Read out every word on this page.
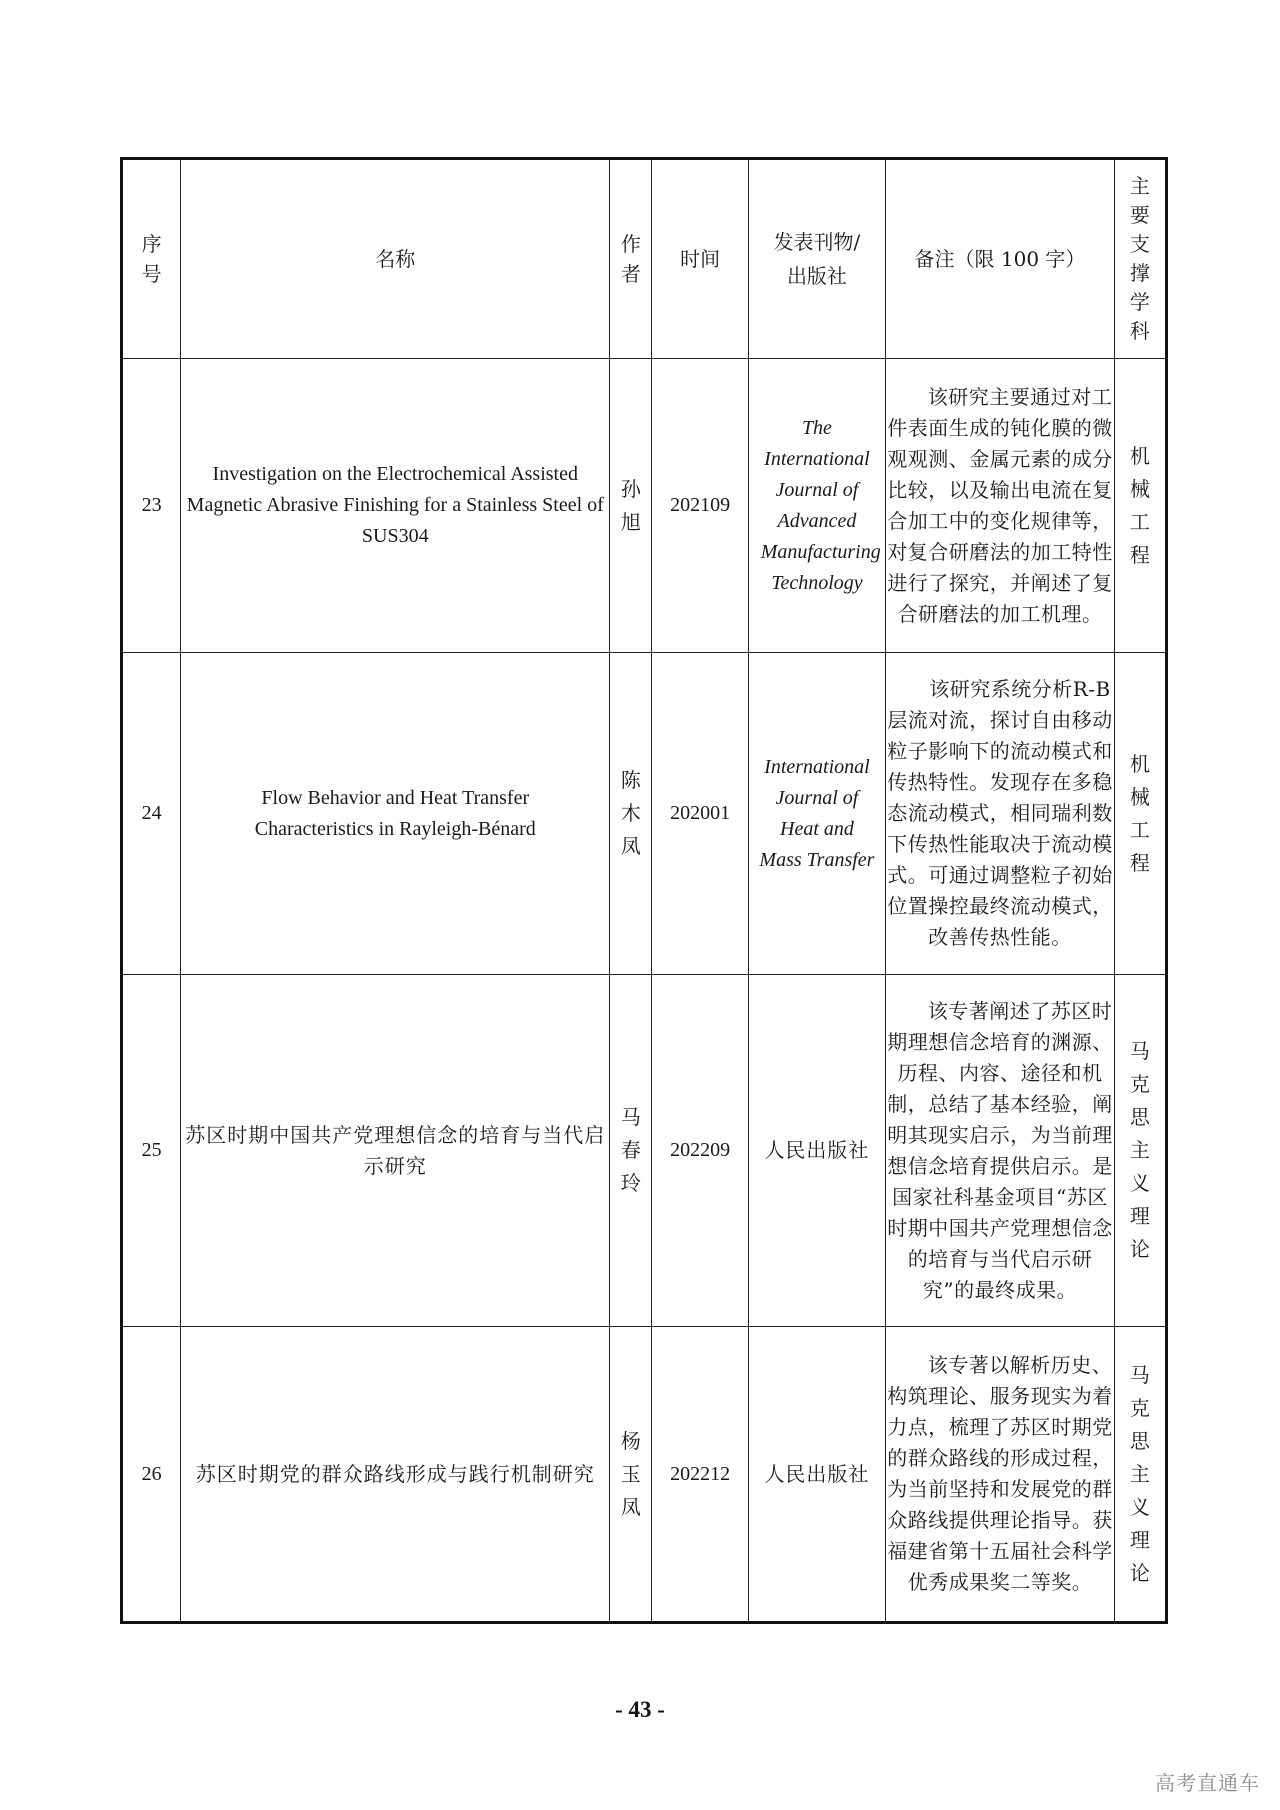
序号	名称	作者	时间	发表刊物/出版社	备注（限 100 字）	主要支撑学科
23	Investigation on the Electrochemical Assisted Magnetic Abrasive Finishing for a Stainless Steel of SUS304	孙旭	202109	The International Journal of Advanced Manufacturing Technology	该研究主要通过对工件表面生成的钝化膜的微观观测、金属元素的成分比较，以及输出电流在复合加工中的变化规律等，对复合研磨法的加工特性进行了探究，并阐述了复合研磨法的加工机理。	机械工程
24	Flow Behavior and Heat Transfer Characteristics in Rayleigh-Bénard	陈木凤	202001	International Journal of Heat and Mass Transfer	该研究系统分析R-B 层流对流，探讨自由移动粒子影响下的流动模式和传热特性。发现存在多稳态流动模式，相同瑞利数下传热性能取决于流动模式。可通过调整粒子初始位置操控最终流动模式，改善传热性能。	机械工程
25	苏区时期中国共产党理想信念的培育与当代启示研究	马春玲	202209	人民出版社	该专著阐述了苏区时期理想信念培育的渊源、历程、内容、途径和机制，总结了基本经验，阐明其现实启示，为当前理想信念培育提供启示。是国家社科基金项目“苏区时期中国共产党理想信念的培育与当代启示研究”的最终成果。	马克思主义理论
26	苏区时期党的群众路线形成与践行机制研究	杨玉凤	202212	人民出版社	该专著以解析历史、构筑理论、服务现实为着力点，梳理了苏区时期党的群众路线的形成过程，为当前坚持和发展党的群众路线提供理论指导。获福建省第十五届社会科学优秀成果奖二等奖。	马克思主义理论
- 43 -
高考直通车
